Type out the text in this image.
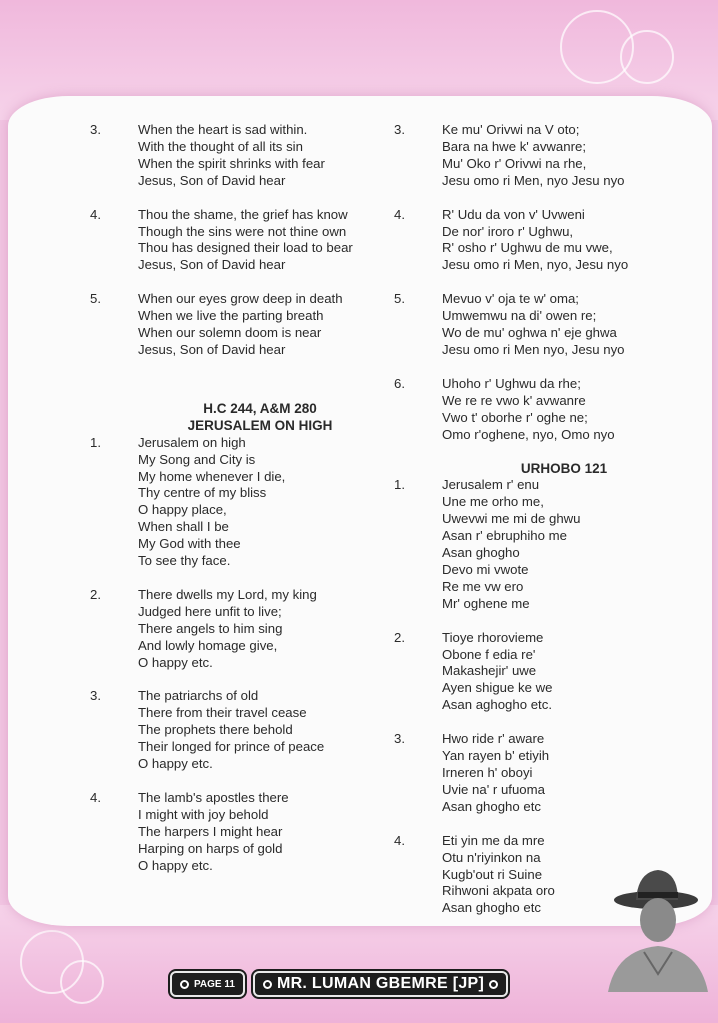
3.	When the heart is sad within.
With the thought of all its sin
When the spirit shrinks with fear
Jesus, Son of David hear
4.	Thou the shame, the grief has know
Though the sins were not thine own
Thou has designed their load to bear
Jesus, Son of David hear
5.	When our eyes grow deep in death
When we live the parting breath
When our solemn doom is near
Jesus, Son of David hear
H.C 244, A&M 280
JERUSALEM ON HIGH
1.	Jerusalem on high
My Song and City is
My home whenever I die,
Thy centre of my bliss
O happy place,
When shall I be
My God with thee
To see thy face.
2.	There dwells my Lord, my king
Judged here unfit to live;
There angels to him sing
And lowly homage give,
O happy etc.
3.	The patriarchs of old
There from their travel cease
The prophets there behold
Their longed for prince of peace
O happy etc.
4.	The lamb's apostles there
I might with joy behold
The harpers I might hear
Harping on harps of gold
O happy etc.
3.	Ke mu' Orivwi na V oto;
Bara na hwe k' avwanre;
Mu' Oko r' Orivwi na rhe,
Jesu omo ri Men, nyo Jesu nyo
4.	R' Udu da von v' Uvweni
De nor' iroro r' Ughwu,
R' osho r' Ughwu de mu vwe,
Jesu omo ri Men, nyo, Jesu nyo
5.	Mevuo v' oja te w' oma;
Umwemwu na di' owen re;
Wo de mu' oghwa n' eje ghwa
Jesu omo ri Men nyo, Jesu nyo
6.	Uhoho r' Ughwu da rhe;
We re re vwo k' avwanre
Vwo t' oborhe r' oghe ne;
Omo r'oghene, nyo, Omo nyo
URHOBO 121
1.	Jerusalem r' enu
Une me orho me,
Uwevwi me mi de ghwu
Asan r' ebruphiho me
Asan ghogho
Devo mi vwote
Re me vw ero
Mr' oghene me
2.	Tioye rhorovieme
Obone f edia re'
Makashejir' uwe
Ayen shigue ke we
Asan aghogho etc.
3.	Hwo ride r' aware
Yan rayen b' etiyih
Irneren h' oboyi
Uvie na' r ufuoma
Asan ghogho etc
4.	Eti yin me da mre
Otu n'riyinkon na
Kugb'out ri Suine
Rihwoni akpata oro
Asan ghogho etc
PAGE 11	MR. LUMAN GBEMRE [JP]
